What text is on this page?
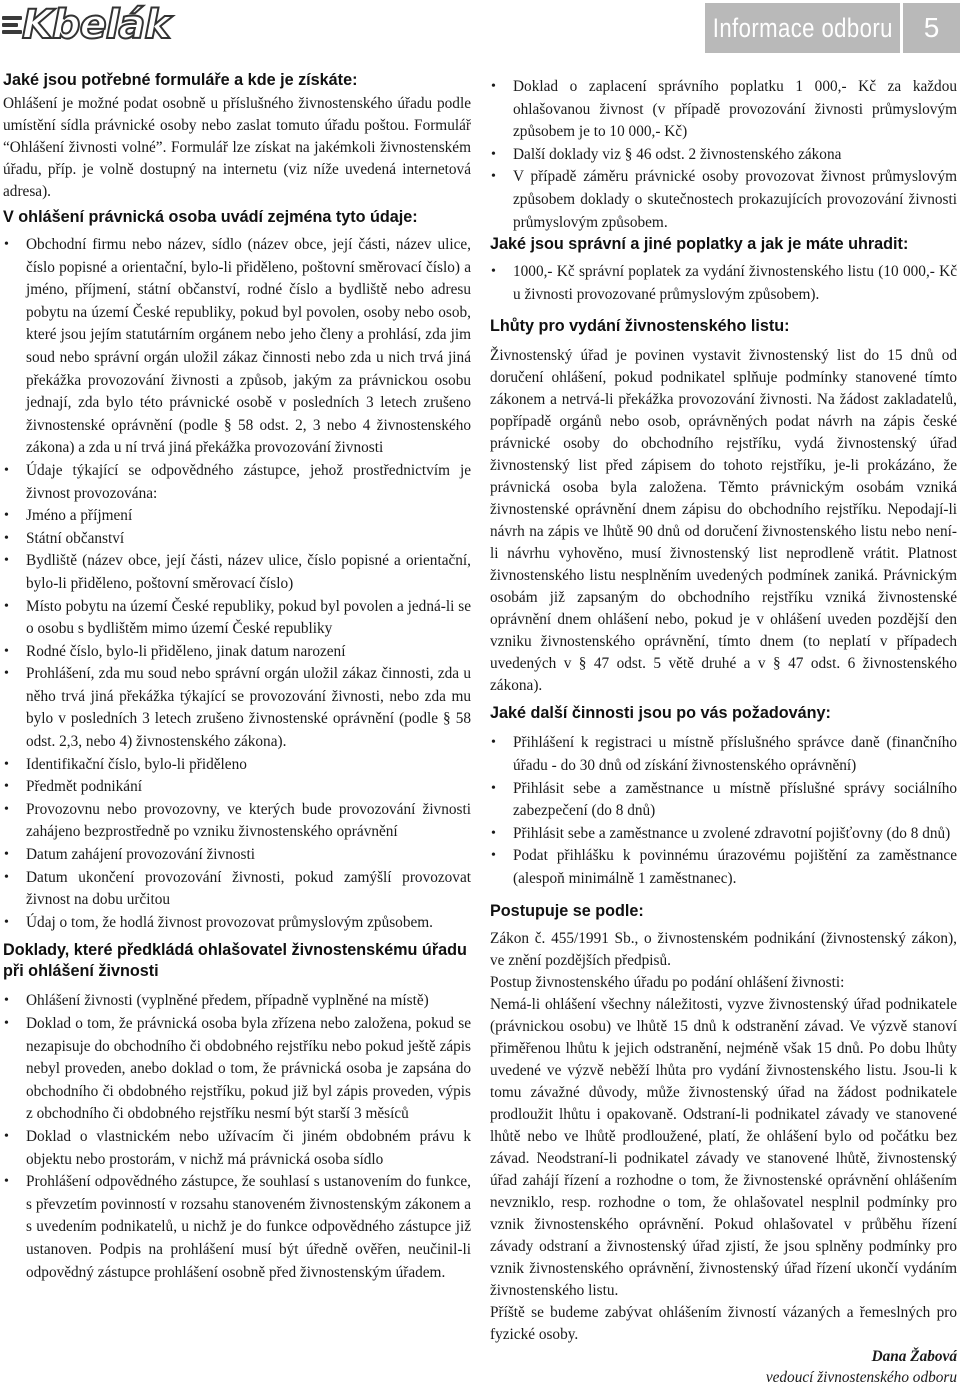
Kbelák	Informace odboru 5
Jaké jsou potřebné formuláře a kde je získáte:

Ohlášení je možné podat osobně u příslušného živnostenského úřadu podle umístění sídla právnické osoby nebo zaslat tomuto úřadu poštou. Formulář “Ohlášení živnosti volné”. Formulář lze získat na jakémkoli živnostenském úřadu, příp. je volně dostupný na internetu (viz níže uvedená internetová adresa).

V ohlášení právnická osoba uvádí zejména tyto údaje:
• Obchodní firmu nebo název, sídlo (název obce, její části, název ulice, číslo popisné a orientační, bylo-li přiděleno, poštovní směrovací číslo) a jméno, příjmení, státní občanství, rodné číslo a bydliště nebo adresu pobytu na území České republiky, pokud byl povolen, osoby nebo osob, které jsou jejím statutárním orgánem nebo jeho členy a prohlásí, zda jim soud nebo správní orgán uložil zákaz činnosti nebo zda u nich trvá jiná překážka provozování živnosti a způsob, jakým za právnickou osobu jednají, zda bylo této právnické osobě v posledních 3 letech zrušeno živnostenské oprávnění (podle § 58 odst. 2, 3 nebo 4 živnostenského zákona) a zda u ní trvá jiná překážka provozování živnosti
• Údaje týkající se odpovědného zástupce, jehož prostřednictvím je živnost provozována:
• Jméno a příjmení
• Státní občanství
• Bydliště (název obce, její části, název ulice, číslo popisné a orientační, bylo-li přiděleno, poštovní směrovací číslo)
• Místo pobytu na území České republiky, pokud byl povolen a jedná-li se o osobu s bydlištěm mimo území České republiky
• Rodné číslo, bylo-li přiděleno, jinak datum narození
• Prohlášení, zda mu soud nebo správní orgán uložil zákaz činnosti, zda u něho trvá jiná překážka týkající se provozování živnosti, nebo zda mu bylo v posledních 3 letech zrušeno živnostenské oprávnění (podle § 58 odst. 2,3, nebo 4) živnostenského zákona).
• Identifikační číslo, bylo-li přiděleno
• Předmět podnikání
• Provozovnu nebo provozovny, ve kterých bude provozování živnosti zahájeno bezprostředně po vzniku živnostenského oprávnění
• Datum zahájení provozování živnosti
• Datum ukončení provozování živnosti, pokud zamýšlí provozovat živnost na dobu určitou
• Údaj o tom, že hodlá živnost provozovat průmyslovým způsobem.
Doklady, které předkládá ohlašovatel živnostenskému úřadu při ohlášení živnosti
• Ohlášení živnosti (vyplněné předem, případně vyplněné na místě)
• Doklad o tom, že právnická osoba byla zřízena nebo založena, pokud se nezapisuje do obchodního či obdobného rejstříku nebo pokud ještě zápis nebyl proveden, anebo doklad o tom, že právnická osoba je zapsána do obchodního či obdobného rejstříku, pokud již byl zápis proveden, výpis z obchodního či obdobného rejstříku nesmí být starší 3 měsíců
• Doklad o vlastnickém nebo užívacím či jiném obdobném právu k objektu nebo prostorám, v nichž má právnická osoba sídlo
• Prohlášení odpovědného zástupce, že souhlasí s ustanovením do funkce, s převzetím povinností v rozsahu stanoveném živnostenským zákonem a s uvedením podnikatelů, u nichž je do funkce odpovědného zástupce již ustanoven. Podpis na prohlášení musí být úředně ověřen, neučinil-li odpovědný zástupce prohlášení osobně před živnostenským úřadem.
• Doklad o zaplacení správního poplatku 1 000,- Kč za každou ohlašovanou živnost (v případě provozování živnosti průmyslovým způsobem je to 10 000,- Kč)
• Další doklady viz § 46 odst. 2 živnostenského zákona
• V případě záměru právnické osoby provozovat živnost průmyslovým způsobem doklady o skutečnostech prokazujících provozování živnosti průmyslovým způsobem.
Jaké jsou správní a jiné poplatky a jak je máte uhradit:
• 1000,- Kč správní poplatek za vydání živnostenského listu (10 000,- Kč u živnosti provozované průmyslovým způsobem).
Lhůty pro vydání živnostenského listu:

Živnostenský úřad je povinen vystavit živnostenský list do 15 dnů od doručení ohlášení, pokud podnikatel splňuje podmínky stanovené tímto zákonem a netrvá-li překážka provozování živnosti. Na žádost zakladatelů, popřípadě orgánů nebo osob, oprávněných podat návrh na zápis české právnické osoby do obchodního rejstříku, vydá živnostenský úřad živnostenský list před zápisem do tohoto rejstříku, je-li prokázáno, že právnická osoba byla založena. Těmto právnickým osobám vzniká živnostenské oprávnění dnem zápisu do obchodního rejstříku. Nepodají-li návrh na zápis ve lhůtě 90 dnů od doručení živnostenského listu nebo není-li návrhu vyhověno, musí živnostenský list neprodleně vrátit. Platnost živnostenského listu nesplněním uvedených podmínek zaniká. Právnickým osobám již zapsaným do obchodního rejstříku vzniká živnostenské oprávnění dnem ohlášení nebo, pokud je v ohlášení uveden pozdější den vzniku živnostenského oprávnění, tímto dnem (to neplatí v případech uvedených v § 47 odst. 5 větě druhé a v § 47 odst. 6 živnostenského zákona).

Jaké další činnosti jsou po vás požadovány:
• Přihlášení k registraci u místně příslušného správce daně (finančního úřadu - do 30 dnů od získání živnostenského oprávnění)
• Přihlásit sebe a zaměstnance u místně příslušné správy sociálního zabezpečení (do 8 dnů)
• Přihlásit sebe a zaměstnance u zvolené zdravotní pojišťovny (do 8 dnů)
• Podat přihlášku k povinnému úrazovému pojištění za zaměstnance (alespoň minimálně 1 zaměstnanec).
Postupuje se podle:

Zákon č. 455/1991 Sb., o živnostenském podnikání (živnostenský zákon), ve znění pozdějších předpisů.

Postup živnostenského úřadu po podání ohlášení živnosti:

Nemá-li ohlášení všechny náležitosti, vyzve živnostenský úřad podnikatele (právnickou osobu) ve lhůtě 15 dnů k odstranění závad. Ve výzvě stanoví přiměřenou lhůtu k jejich odstranění, nejméně však 15 dnů. Po dobu lhůty uvedené ve výzvě neběží lhůta pro vydání živnostenského listu. Jsou-li k tomu závažné důvody, může živnostenský úřad na žádost podnikatele prodloužit lhůtu i opakovaně. Odstraní-li podnikatel závady ve stanovené lhůtě nebo ve lhůtě prodloužené, platí, že ohlášení bylo od počátku bez závad. Neodstraní-li podnikatel závady ve stanovené lhůtě, živnostenský úřad zahájí řízení a rozhodne o tom, že živnostenské oprávnění ohlášením nevzniklo, resp. rozhodne o tom, že ohlašovatel nesplnil podmínky pro vznik živnostenského oprávnění. Pokud ohlašovatel v průběhu řízení závady odstraní a živnostenský úřad zjistí, že jsou splněny podmínky pro vznik živnostenského oprávnění, živnostenský úřad řízení ukončí vydáním živnostenského listu.

Příště se budeme zabývat ohlášením živností vázaných a řemeslných pro fyzické osoby.

Dana Žabová
vedoucí živnostenského odboru
